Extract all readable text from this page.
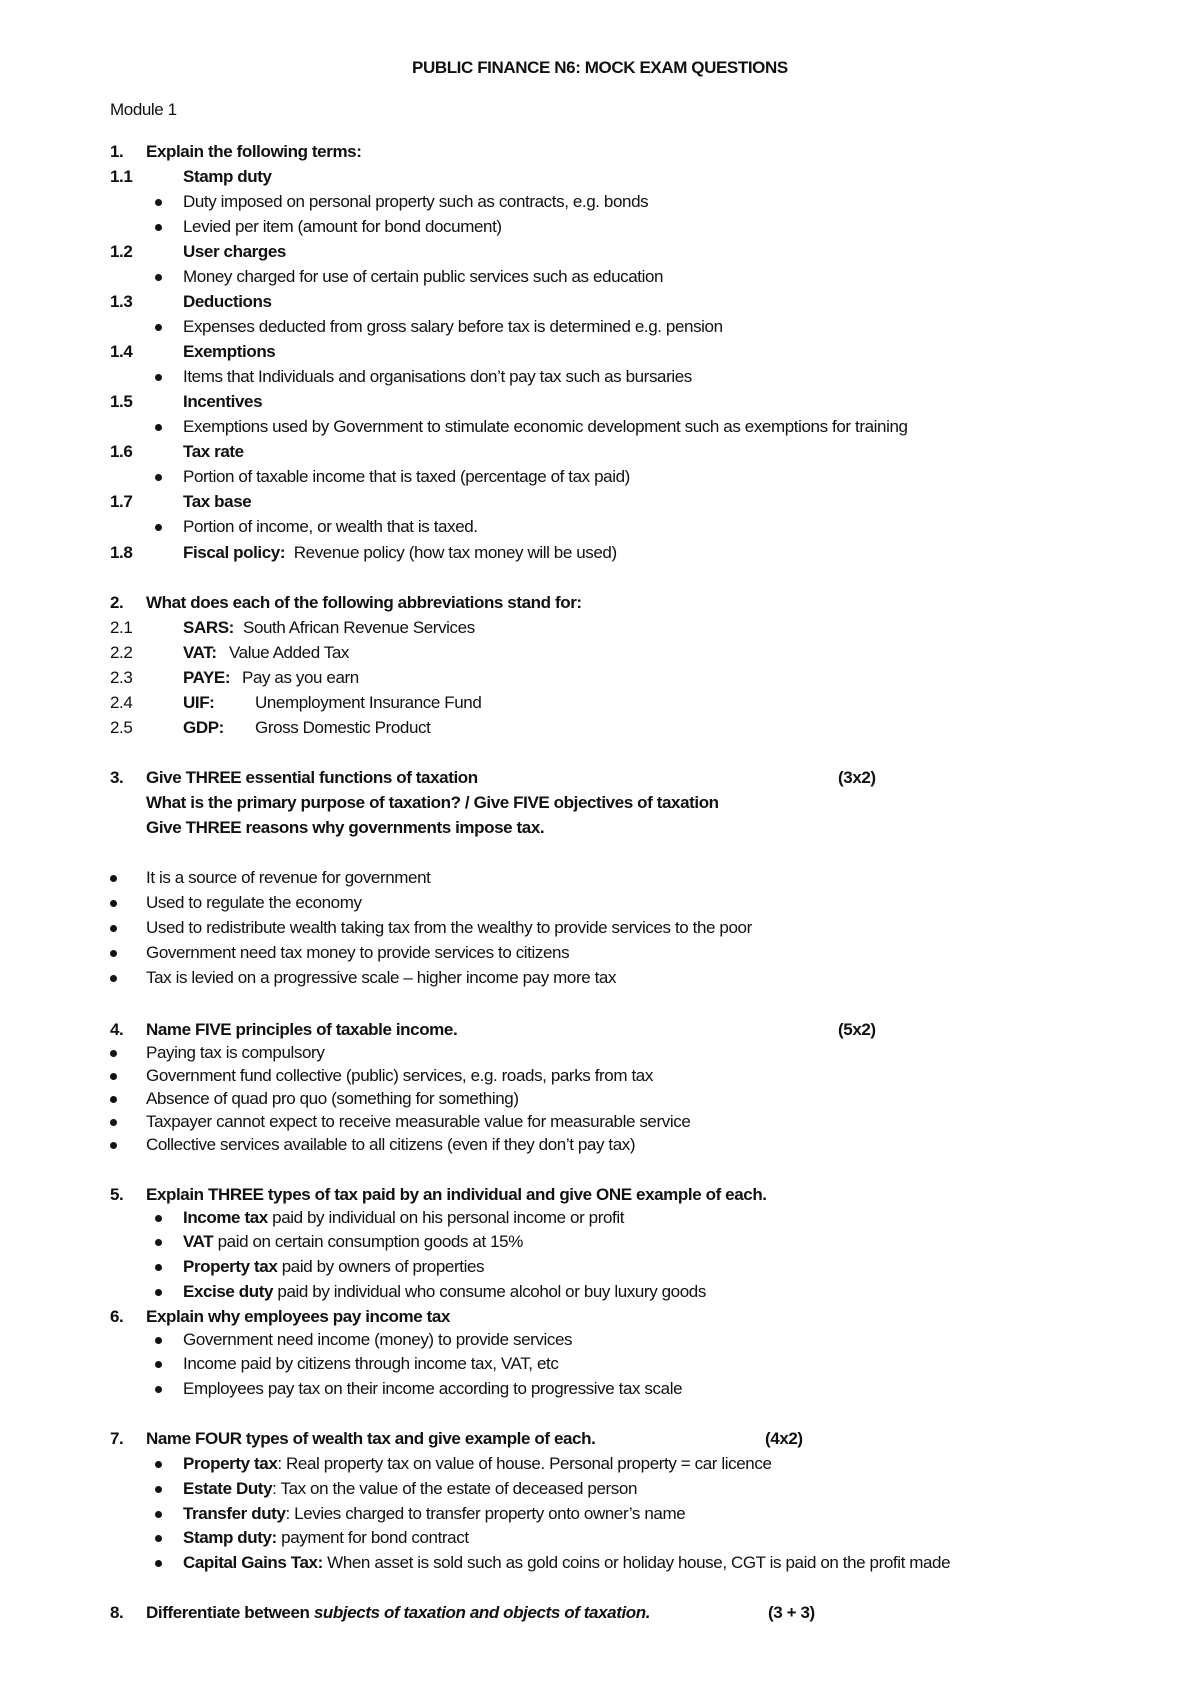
PUBLIC FINANCE N6: MOCK EXAM QUESTIONS
Module 1
1. Explain the following terms:
1.1	Stamp duty
Duty imposed on personal property such as contracts, e.g. bonds
Levied per item (amount for bond document)
1.2	User charges
Money charged for use of certain public services such as education
1.3	Deductions
Expenses deducted from gross salary before tax is determined e.g. pension
1.4	Exemptions
Items that Individuals and organisations don’t pay tax such as bursaries
1.5	Incentives
Exemptions used by Government to stimulate economic development such as exemptions for training
1.6	Tax rate
Portion of taxable income that is taxed (percentage of tax paid)
1.7	Tax base
Portion of income, or wealth that is taxed.
1.8	Fiscal policy: Revenue policy (how tax money will be used)
2. What does each of the following abbreviations stand for:
2.1	SARS: South African Revenue Services
2.2	VAT: Value Added Tax
2.3	PAYE: Pay as you earn
2.4	UIF: Unemployment Insurance Fund
2.5	GDP: Gross Domestic Product
3. Give THREE essential functions of taxation	(3x2)
What is the primary purpose of taxation? / Give FIVE objectives of taxation
Give THREE reasons why governments impose tax.
It is a source of revenue for government
Used to regulate the economy
Used to redistribute wealth taking tax from the wealthy to provide services to the poor
Government need tax money to provide services to citizens
Tax is levied on a progressive scale – higher income pay more tax
4. Name FIVE principles of taxable income.	(5x2)
Paying tax is compulsory
Government fund collective (public) services, e.g. roads, parks from tax
Absence of quad pro quo (something for something)
Taxpayer cannot expect to receive measurable value for measurable service
Collective services available to all citizens (even if they don’t pay tax)
5. Explain THREE types of tax paid by an individual and give ONE example of each.
Income tax paid by individual on his personal income or profit
VAT paid on certain consumption goods at 15%
Property tax paid by owners of properties
Excise duty paid by individual who consume alcohol or buy luxury goods
6. Explain why employees pay income tax
Government need income (money) to provide services
Income paid by citizens through income tax, VAT, etc
Employees pay tax on their income according to progressive tax scale
7. Name FOUR types of wealth tax and give example of each.	(4x2)
Property tax: Real property tax on value of house. Personal property = car licence
Estate Duty: Tax on the value of the estate of deceased person
Transfer duty: Levies charged to transfer property onto owner’s name
Stamp duty: payment for bond contract
Capital Gains Tax: When asset is sold such as gold coins or holiday house, CGT is paid on the profit made
8. Differentiate between subjects of taxation and objects of taxation.	(3 + 3)
